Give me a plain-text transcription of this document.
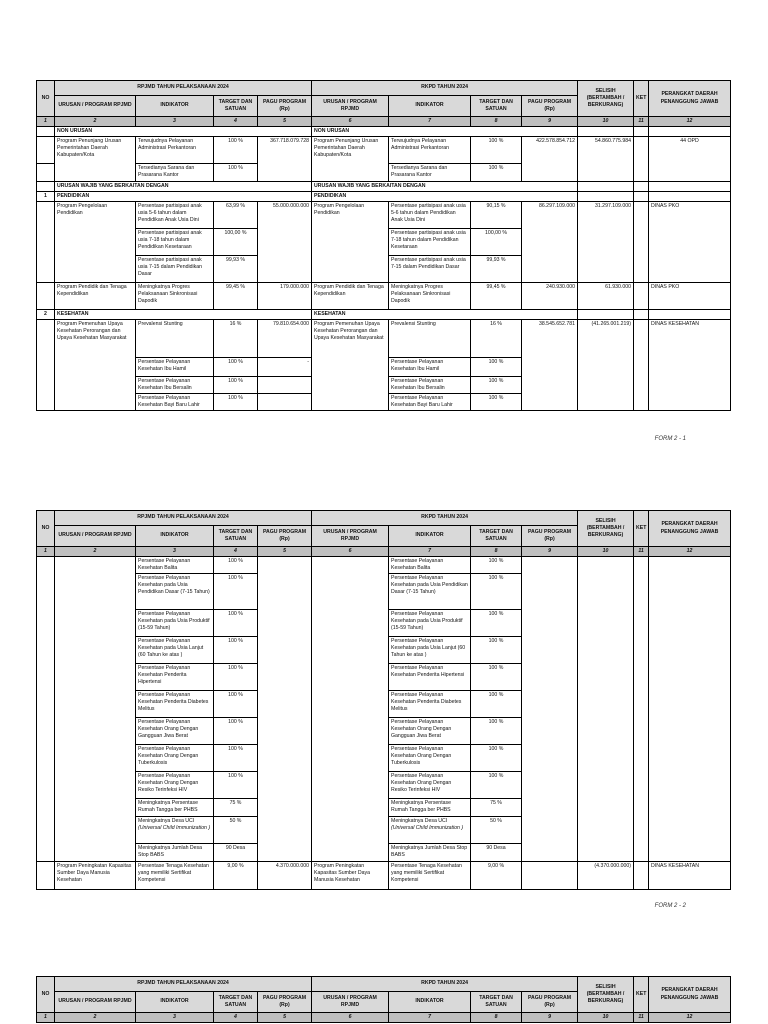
NO	RPJMD TAHUN PELAKSANAAN 2024				RKPD TAHUN 2024				SELISIH (BERTAMBAH / BERKURANG)	KET	PERANGKAT DAERAH PENANGGUNG JAWAB
	URUSAN / PROGRAM RPJMD	INDIKATOR	TARGET DAN SATUAN	PAGU PROGRAM (Rp)	URUSAN / PROGRAM RPJMD	INDIKATOR	TARGET DAN SATUAN	PAGU PROGRAM (Rp)			
1	2	3	4	5	6	7	8	9	10	11	12
	NON URUSAN				NON URUSAN						
	Program Penunjang Urusan Pemerintahan Daerah Kabupaten/Kota	Terwujudnya Pelayanan Administrasi Perkantoran	100 %	367.718.079.728	Program Penunjang Urusan Pemerintahan Daerah Kabupaten/Kota	Terwujudnya Pelayanan Administrasi Perkantoran	100 %	422.578.854.712	54.860.775.984		44 OPD
		Tersedianya Sarana dan Prasarana Kantor	100 %			Tersedianya Sarana dan Prasarana Kantor	100 %				
	URUSAN WAJIB YANG BERKAITAN DENGAN				URUSAN WAJIB YANG BERKAITAN DENGAN						
1	PENDIDIKAN				PENDIDIKAN						
	Program Pengelolaan Pendidikan	Persentase partisipasi anak usia 5-6 tahun dalam Pendidikan Anak Usia Dini	63,99 %	55.000.000.000	Program Pengelolaan Pendidikan	Persentase partisipasi anak usia 5-6 tahun dalam Pendidikan Anak Usia Dini	90,15 %	86.297.109.000	31.297.109.000		DINAS PKO
		Persentase partisipasi anak usia 7-18 tahun dalam Pendidikan Kesetaraan	100,00 %			Persentase partisipasi anak usia 7-18 tahun dalam Pendidikan Kesetaraan	100,00 %				
		Persentase partisipasi anak usia 7-15 dalam Pendidikan Dasar	99,93 %			Persentase partisipasi anak usia 7-15 dalam Pendidikan Dasar	99,93 %				
	Program Pendidik dan Tenaga Kependidikan	Meningkatnya Progres Pelaksanaan Sinkronisasi Dapodik	99,45 %	179.000.000	Program Pendidik dan Tenaga Kependidikan	Meningkatnya Progres Pelaksanaan Sinkronisasi Dapodik	99,45 %	240.930.000	61.930.000		DINAS PKO
2	KESEHATAN				KESEHATAN						
	Program Pemenuhan Upaya Kesehatan Perorangan dan Upaya Kesehatan Masyarakat	Prevalensi Stunting	16 %	79.810.654.000	Program Pemenuhan Upaya Kesehatan Perorangan dan Upaya Kesehatan Masyarakat	Prevalensi Stunting	16 %	38.545.652.781	(41.265.001.219)		DINAS KESEHATAN
		Persentase Pelayanan Kesehatan Ibu Hamil	100 %	-		Persentase Pelayanan Kesehatan Ibu Hamil	100 %				
		Persentase Pelayanan Kesehatan Ibu Bersalin	100 %			Persentase Pelayanan Kesehatan Ibu Bersalin	100 %				
		Persentase Pelayanan Kesehatan Bayi Baru Lahir	100 %			Persentase Pelayanan Kesehatan Bayi Baru Lahir	100 %				
FORM 2 - 1
NO	RPJMD TAHUN PELAKSANAAN 2024				RKPD TAHUN 2024				SELISIH (BERTAMBAH / BERKURANG)	KET	PERANGKAT DAERAH PENANGGUNG JAWAB
	URUSAN / PROGRAM RPJMD	INDIKATOR	TARGET DAN SATUAN	PAGU PROGRAM (Rp)	URUSAN / PROGRAM RPJMD	INDIKATOR	TARGET DAN SATUAN	PAGU PROGRAM (Rp)			
1	2	3	4	5	6	7	8	9	10	11	12
		Persentase Pelayanan Kesehatan Balita	100 %			Persentase Pelayanan Kesehatan Balita	100 %				
		Persentase Pelayanan Kesehatan pada Usia Pendidikan Dasar (7-15 Tahun)	100 %			Persentase Pelayanan Kesehatan pada Usia Pendidikan Dasar (7-15 Tahun)	100 %				
		Persentase Pelayanan Kesehatan pada Usia Produktif (15-59 Tahun)	100 %			Persentase Pelayanan Kesehatan pada Usia Produktif (15-59 Tahun)	100 %				
		Persentase Pelayanan Kesehatan pada Usia Lanjut (60 Tahun ke atas )	100 %			Persentase Pelayanan Kesehatan pada Usia Lanjut (60 Tahun ke atas )	100 %				
		Persentase Pelayanan Kesehatan Penderita Hipertensi	100 %			Persentase Pelayanan Kesehatan Penderita Hipertensi	100 %				
		Persentase Pelayanan Kesehatan Penderita Diabetes Melitus	100 %			Persentase Pelayanan Kesehatan Penderita Diabetes Melitus	100 %				
		Persentase Pelayanan Kesehatan Orang Dengan Gangguan Jiwa Berat	100 %			Persentase Pelayanan Kesehatan Orang Dengan Gangguan Jiwa Berat	100 %				
		Persentase Pelayanan Kesehatan Orang Dengan Tuberkulosis	100 %			Persentase Pelayanan Kesehatan Orang Dengan Tuberkulosis	100 %				
		Persentase Pelayanan Kesehatan Orang Dengan Resiko Terinfeksi HIV	100 %			Persentase Pelayanan Kesehatan Orang Dengan Resiko Terinfeksi HIV	100 %				
		Meningkatnya Persentase Rumah Tangga ber PHBS	75 %			Meningkatnya Persentase Rumah Tangga ber PHBS	75 %				
		Meningkatnya Desa UCI (Universal Child Immunization )	50 %			Meningkatnya Desa UCI (Universal Child Immunization )	50 %				
		Meningkatnya Jumlah Desa Stop BABS	90 Desa			Meningkatnya Jumlah Desa Stop BABS	90 Desa				
	Program Peningkatan Kapasitas Sumber Daya Manusia Kesehatan	Persentase Tenaga Kesehatan yang memiliki Sertifikat Kompetensi	9,00 %	4.370.000.000	Program Peningkatan Kapasitas Sumber Daya Manusia Kesehatan	Persentase Tenaga Kesehatan yang memiliki Sertifikat Kompetensi	9,00 %		(4.370.000.000)		DINAS KESEHATAN
FORM 2 - 2
NO	RPJMD TAHUN PELAKSANAAN 2024				RKPD TAHUN 2024				SELISIH (BERTAMBAH / BERKURANG)	KET	PERANGKAT DAERAH PENANGGUNG JAWAB
	URUSAN / PROGRAM RPJMD	INDIKATOR	TARGET DAN SATUAN	PAGU PROGRAM (Rp)	URUSAN / PROGRAM RPJMD	INDIKATOR	TARGET DAN SATUAN	PAGU PROGRAM (Rp)			
1	2	3	4	5	6	7	8	9	10	11	12
